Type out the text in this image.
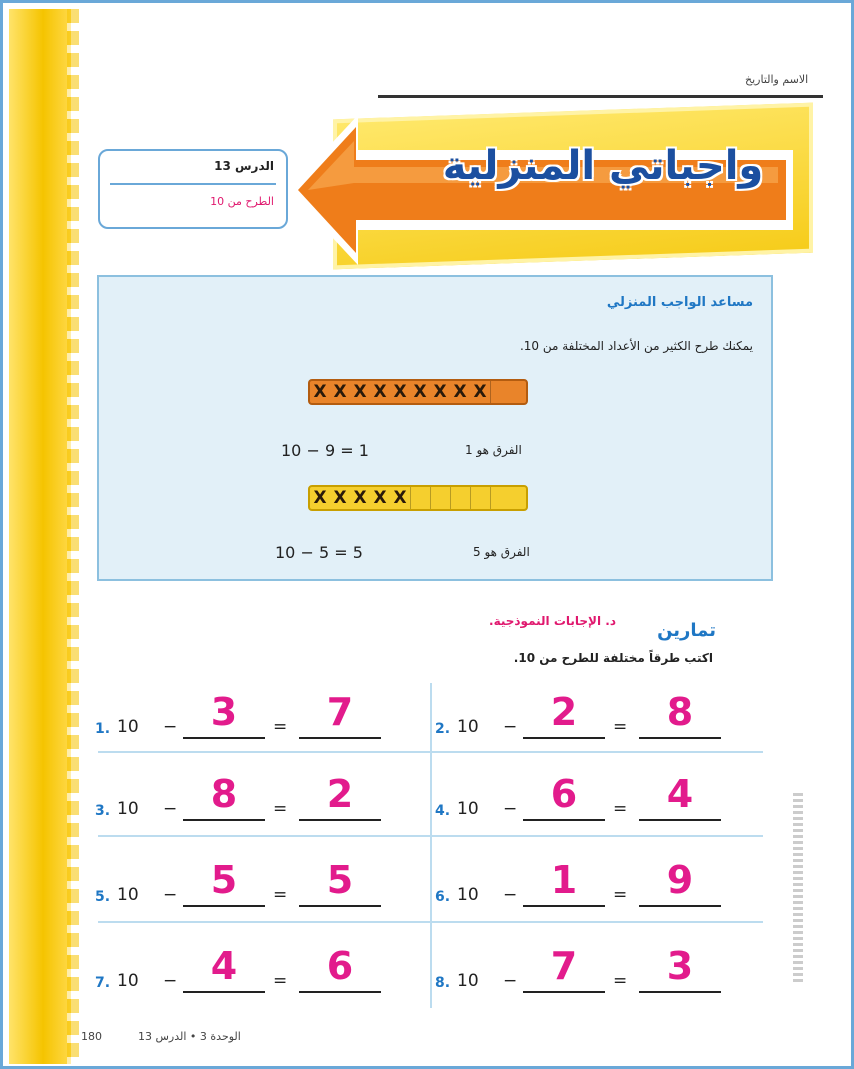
الاسم والتاريخ
واجباتي المنزلية
الدرس 13
الطرح من 10
مساعد الواجب المنزلي
يمكنك طرح الكثير من الأعداد المختلفة من 10.
X X X X X X X X X
10 − 9 = 1	الفرق هو 1
X X X X X
10 − 5 = 5	الفرق هو 5
تمارين
د. الإجابات النموذجية.
اكتب طرقاً مختلفة للطرح من 10.
1. 10 − 3	=	7	2. 10 − 2	=	8
3. 10 − 8	=	2	4. 10 − 6	=	4
5. 10 − 5	=	5	6. 10 − 1	=	9
7. 10 − 4	=	6	8. 10 − 7	=	3
180	الوحدة 3 • الدرس 13
